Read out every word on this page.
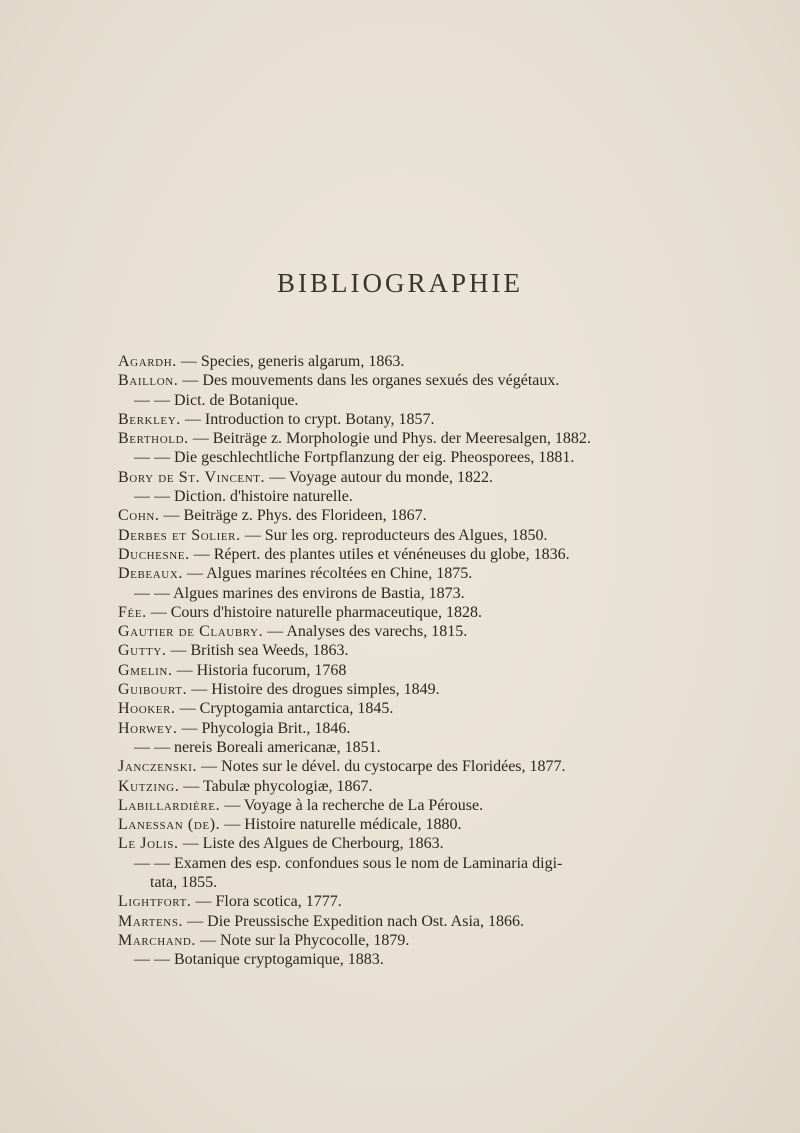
BIBLIOGRAPHIE
Agardh. — Species, generis algarum, 1863.
Baillon. — Des mouvements dans les organes sexués des végétaux.
— — Dict. de Botanique.
Berkley. — Introduction to crypt. Botany, 1857.
Berthold. — Beiträge z. Morphologie und Phys. der Meeresalgen, 1882.
— — Die geschlechtliche Fortpflanzung der eig. Pheosporees, 1881.
Bory de St. Vincent. — Voyage autour du monde, 1822.
— — Diction. d'histoire naturelle.
Cohn. — Beiträge z. Phys. des Florideen, 1867.
Derbes et Solier. — Sur les org. reproducteurs des Algues, 1850.
Duchesne. — Répert. des plantes utiles et vénéneuses du globe, 1836.
Debeaux. — Algues marines récoltées en Chine, 1875.
— — Algues marines des environs de Bastia, 1873.
Fée. — Cours d'histoire naturelle pharmaceutique, 1828.
Gautier de Claubry. — Analyses des varechs, 1815.
Gutty. — British sea Weeds, 1863.
Gmelin. — Historia fucorum, 1768
Guibourt. — Histoire des drogues simples, 1849.
Hooker. — Cryptogamia antarctica, 1845.
Horwey. — Phycologia Brit., 1846.
— — nereis Boreali americanæ, 1851.
Janczenski. — Notes sur le dével. du cystocarpe des Floridées, 1877.
Kutzing. — Tabulæ phycologiæ, 1867.
Labillardière. — Voyage à la recherche de La Pérouse.
Lanessan (de). — Histoire naturelle médicale, 1880.
Le Jolis. — Liste des Algues de Cherbourg, 1863.
— — Examen des esp. confondues sous le nom de Laminaria digi-
tata, 1855.
Lightfort. — Flora scotica, 1777.
Martens. — Die Preussische Expedition nach Ost. Asia, 1866.
Marchand. — Note sur la Phycocolle, 1879.
— — Botanique cryptogamique, 1883.
